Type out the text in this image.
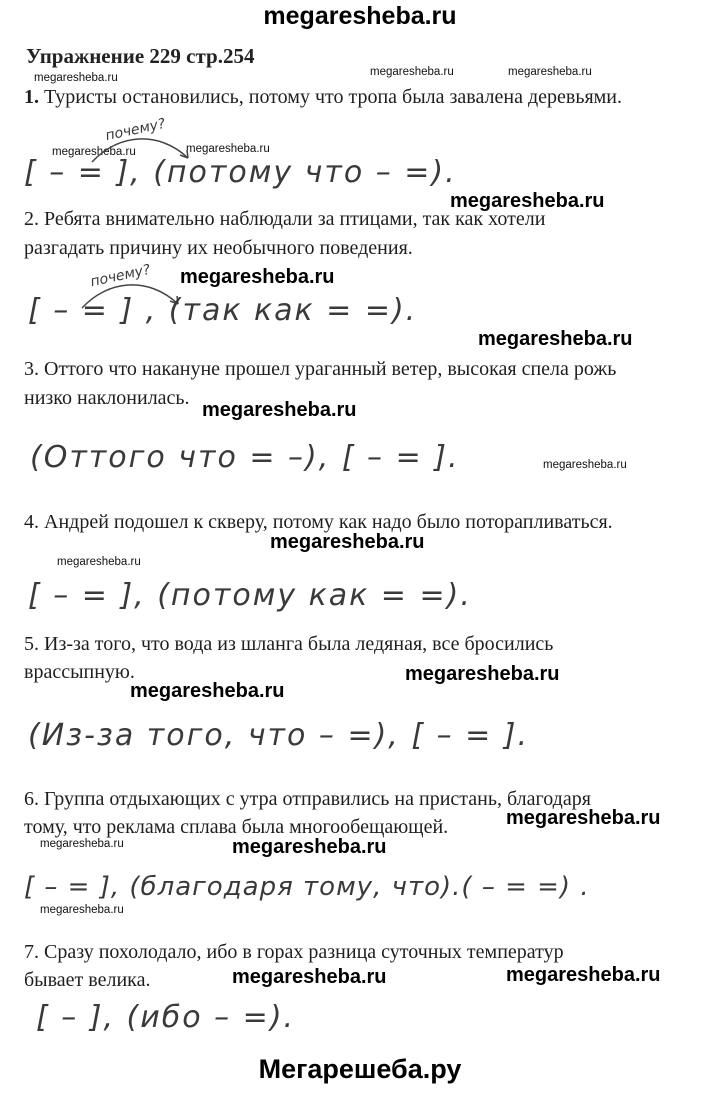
megaresheba.ru
Упражнение 229 стр.254
megaresheba.ru	megaresheba.ru	megaresheba.ru
megaresheba.ru	megaresheba.ru
megaresheba.ru
megaresheba.ru
megaresheba.ru
megaresheba.ru
megaresheba.ru
megaresheba.ru
megaresheba.ru
megaresheba.ru
megaresheba.ru
megaresheba.ru
megaresheba.ru	megaresheba.ru
megaresheba.ru
megaresheba.ru	megaresheba.ru
1. Туристы остановились, потому что тропа была завалена деревьями.
почему?
[ – = ], (потому что – =).
2. Ребята внимательно наблюдали за птицами, так как хотели
разгадать причину их необычного поведения.
почему?
[ – = ] , (так как = =).
3. Оттого что накануне прошел ураганный ветер, высокая спела рожь
низко наклонилась.
(Оттого что = –), [ – = ].
4. Андрей подошел к скверу, потому как надо было поторапливаться.
[ – = ], (потому как = =).
5. Из-за того, что вода из шланга была ледяная, все бросились
врассыпную.
(Из-за того, что – =), [ – = ].
6. Группа отдыхающих с утра отправились на пристань, благодаря
тому, что реклама сплава была многообещающей.
[ – = ], (благодаря тому, что).( – = =) .
7. Сразу похолодало, ибо в горах разница суточных температур
бывает велика.
[ – ], (ибо – =).
Мегарешеба.ру
